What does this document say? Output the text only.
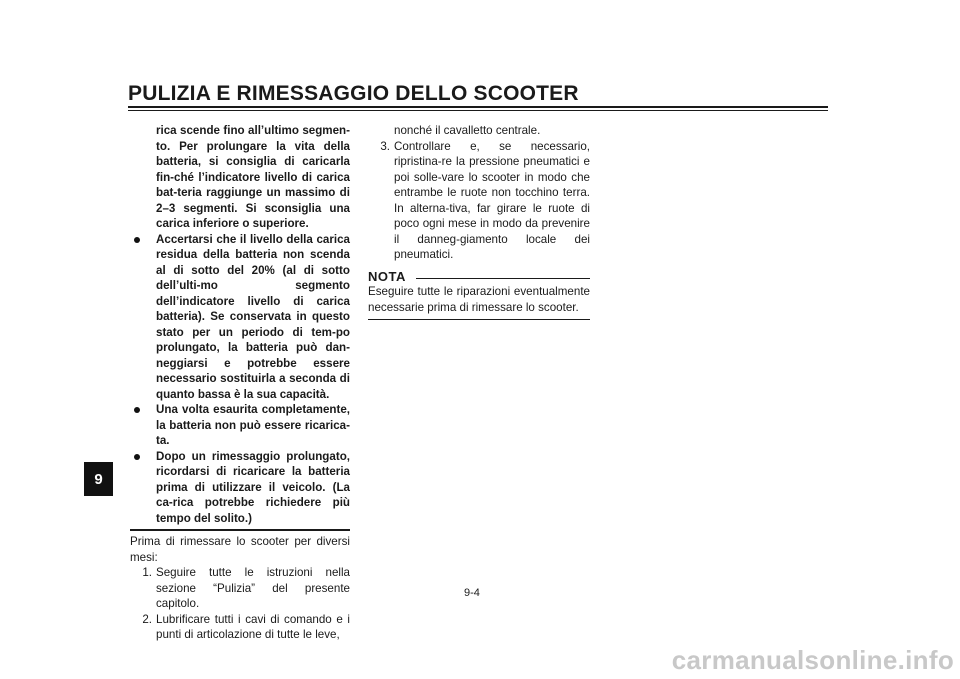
PULIZIA E RIMESSAGGIO DELLO SCOOTER
9
rica scende fino all’ultimo segmen-to. Per prolungare la vita della batteria, si consiglia di caricarla fin-ché l’indicatore livello di carica bat-teria raggiunge un massimo di 2–3 segmenti. Si sconsiglia una carica inferiore o superiore.
Accertarsi che il livello della carica residua della batteria non scenda al di sotto del 20% (al di sotto dell’ulti-mo segmento dell’indicatore livello di carica batteria). Se conservata in questo stato per un periodo di tem-po prolungato, la batteria può dan-neggiarsi e potrebbe essere necessario sostituirla a seconda di quanto bassa è la sua capacità.
Una volta esaurita completamente, la batteria non può essere ricarica-ta.
Dopo un rimessaggio prolungato, ricordarsi di ricaricare la batteria prima di utilizzare il veicolo. (La ca-rica potrebbe richiedere più tempo del solito.)
Prima di rimessare lo scooter per diversi mesi:
1. Seguire tutte le istruzioni nella sezione “Pulizia” del presente capitolo.
2. Lubrificare tutti i cavi di comando e i punti di articolazione di tutte le leve,
nonché il cavalletto centrale.
3. Controllare e, se necessario, ripristina-re la pressione pneumatici e poi solle-vare lo scooter in modo che entrambe le ruote non tocchino terra. In alterna-tiva, far girare le ruote di poco ogni mese in modo da prevenire il danneg-giamento locale dei pneumatici.
NOTA
Eseguire tutte le riparazioni eventualmente necessarie prima di rimessare lo scooter.
9-4
carmanualsonline.info
